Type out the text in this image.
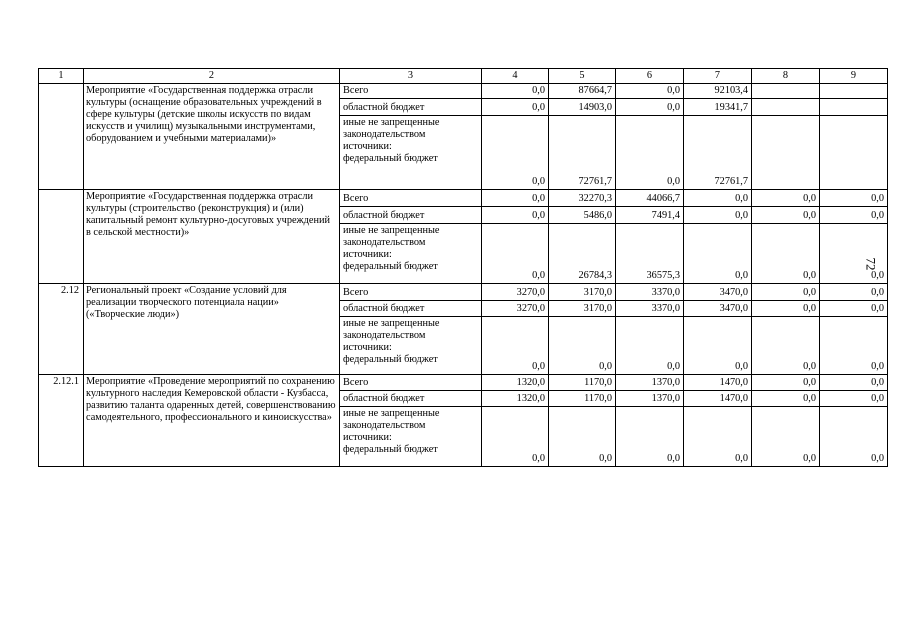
1	2	3	4	5	6	7	8	9
	Мероприятие «Государственная поддержка отрасли культуры (оснащение образовательных учреждений в сфере культуры (детские школы искусств по видам искусств и училищ) музыкальными инструментами, оборудованием и учебными материалами)»	Всего	0,0	87664,7	0,0	92103,4		
		областной бюджет	0,0	14903,0	0,0	19341,7		

		иные не запрещенные
законодательством
источники:
федеральный бюджет	0,0	72761,7	0,0	72761,7		
	Мероприятие «Государственная поддержка отрасли культуры (строительство (реконструкция) и (или) капитальный ремонт культурно-досуговых учреждений в сельской местности)»	Всего	0,0	32270,3	44066,7	0,0	0,0	0,0
		областной бюджет	0,0	5486,0	7491,4	0,0	0,0	0,0

		иные не запрещенные
законодательством
источники:
федеральный бюджет	0,0	26784,3	36575,3	0,0	0,0	0,0
2.12	Региональный проект «Создание условий для реализации творческого потенциала нации» («Творческие люди»)	Всего	3270,0	3170,0	3370,0	3470,0	0,0	0,0
		областной бюджет	3270,0	3170,0	3370,0	3470,0	0,0	0,0

		иные не запрещенные
законодательством
источники:
федеральный бюджет	0,0	0,0	0,0	0,0	0,0	0,0
2.12.1	Мероприятие «Проведение мероприятий по сохранению культурного наследия Кемеровской области - Кузбасса, развитию таланта одаренных детей, совершенствованию самодеятельного, профессионального и киноискусства»	Всего	1320,0	1170,0	1370,0	1470,0	0,0	0,0
		областной бюджет	1320,0	1170,0	1370,0	1470,0	0,0	0,0

		иные не запрещенные
законодательством
источники:
федеральный бюджет	0,0	0,0	0,0	0,0	0,0	0,0
72
